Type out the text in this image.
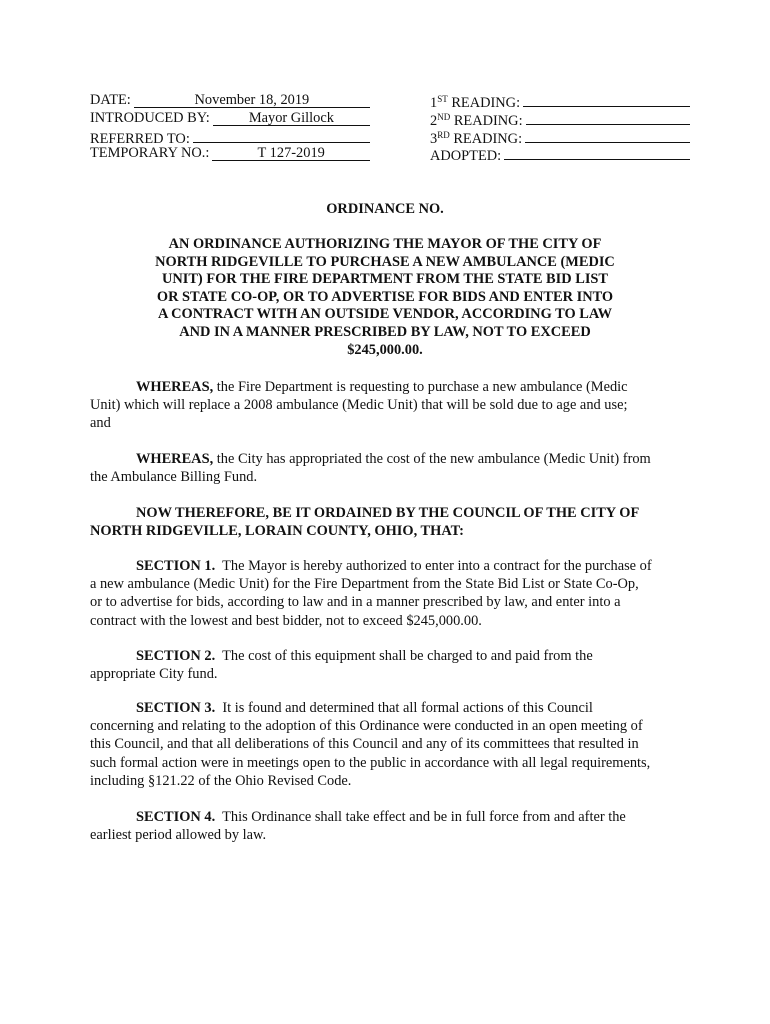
DATE:	November 18, 2019
INTRODUCED BY:	Mayor Gillock
REFERRED TO:
TEMPORARY NO.:	T 127-2019
1ST READING:
2ND READING:
3RD READING:
ADOPTED:
ORDINANCE NO.
AN ORDINANCE AUTHORIZING THE MAYOR OF THE CITY OF
NORTH RIDGEVILLE TO PURCHASE A NEW AMBULANCE (MEDIC
UNIT) FOR THE FIRE DEPARTMENT FROM THE STATE BID LIST
OR STATE CO-OP, OR TO ADVERTISE FOR BIDS AND ENTER INTO
A CONTRACT WITH AN OUTSIDE VENDOR, ACCORDING TO LAW
AND IN A MANNER PRESCRIBED BY LAW, NOT TO EXCEED
$245,000.00.
WHEREAS, the Fire Department is requesting to purchase a new ambulance (Medic
Unit) which will replace a 2008 ambulance (Medic Unit) that will be sold due to age and use;
and
WHEREAS, the City has appropriated the cost of the new ambulance (Medic Unit) from
the Ambulance Billing Fund.
NOW THEREFORE, BE IT ORDAINED BY THE COUNCIL OF THE CITY OF
NORTH RIDGEVILLE, LORAIN COUNTY, OHIO, THAT:
SECTION 1.  The Mayor is hereby authorized to enter into a contract for the purchase of
a new ambulance (Medic Unit) for the Fire Department from the State Bid List or State Co-Op,
or to advertise for bids, according to law and in a manner prescribed by law, and enter into a
contract with the lowest and best bidder, not to exceed $245,000.00.
SECTION 2.  The cost of this equipment shall be charged to and paid from the
appropriate City fund.
SECTION 3.  It is found and determined that all formal actions of this Council
concerning and relating to the adoption of this Ordinance were conducted in an open meeting of
this Council, and that all deliberations of this Council and any of its committees that resulted in
such formal action were in meetings open to the public in accordance with all legal requirements,
including §121.22 of the Ohio Revised Code.
SECTION 4.  This Ordinance shall take effect and be in full force from and after the
earliest period allowed by law.
